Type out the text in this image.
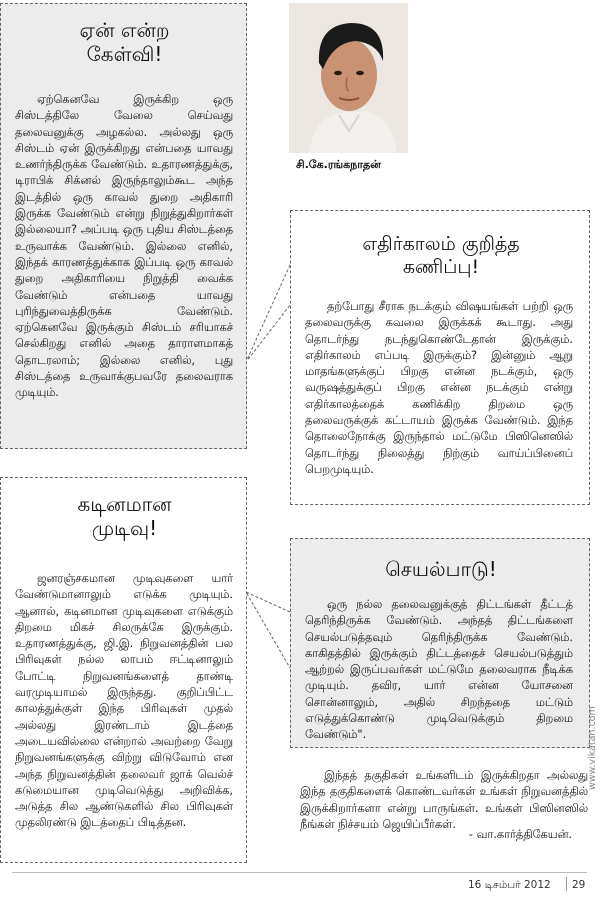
ஏன் என்ற
கேள்வி!

ஏற்கெனவே இருக்கிற ஒரு சிஸ்டத்திலே வேலை செய்வது தலைவனுக்கு அழகல்ல. அல்லது ஒரு சிஸ்டம் ஏன் இருக்கிறது என்பதை யாவது உணர்ந்திருக்க வேண்டும். உதாரணத்துக்கு, டிராபிக் சிக்னல் இருந்தாலும்கூட அந்த இடத்தில் ஒரு காவல் துறை அதிகாரி இருக்க வேண்டும் என்று நிறுத்துகிறார்கள் இல்லையா? அப்படி ஒரு புதிய சிஸ்டத்தை உருவாக்க வேண்டும். இல்லை எனில், இந்தக் காரணத்துக்காக இப்படி ஒரு காவல் துறை அதிகாரியை நிறுத்தி வைக்க வேண்டும் என்பதை யாவது புரிந்துவைத்திருக்க வேண்டும். ஏற்கெனவே இருக்கும் சிஸ்டம் சரியாகச் செல்கிறது எனில் அதை தாராளமாகத் தொடரலாம்; இல்லை எனில், புது சிஸ்டத்தை உருவாக்குபவரே தலைவராக முடியும்.

சி.கே.ரங்கநாதன்
எதிர்காலம் குறித்த
கணிப்பு!

தற்போது சீராக நடக்கும் விஷயங்கள் பற்றி ஒரு தலைவருக்கு கவலை இருக்கக் கூடாது. அது தொடர்ந்து நடந்துகொண்டேதான் இருக்கும். எதிர்காலம் எப்படி இருக்கும்? இன்னும் ஆறு மாதங்களுக்குப் பிறகு என்ன நடக்கும், ஒரு வருஷத்துக்குப் பிறகு என்ன நடக்கும் என்று எதிர்காலத்தைக் கணிக்கிற திறமை ஒரு தலைவருக்குக் கட்டாயம் இருக்க வேண்டும். இந்த தொலைநோக்கு இருந்தால் மட்டுமே பிஸினெஸில் தொடர்ந்து நிலைத்து நிற்கும் வாய்ப்பினைப் பெறமுடியும்.

கடினமான
முடிவு!

ஜனரஞ்சகமான முடிவுகளை யார் வேண்டுமானாலும் எடுக்க முடியும். ஆனால், கடினமான முடிவுகளை எடுக்கும் திறமை மிகச் சிலருக்கே இருக்கும். உதாரணத்துக்கு, ஜி.இ. நிறுவனத்தின் பல பிரிவுகள் நல்ல லாபம் ஈட்டினாலும் போட்டி நிறுவனங்களைத் தாண்டி வரமுடியாமல் இருந்தது. குறிப்பிட்ட காலத்துக்குள் இந்த பிரிவுகள் முதல் அல்லது இரண்டாம் இடத்தை அடையவில்லை என்றால் அவற்றை வேறு நிறுவனங்களுக்கு விற்று விடுவோம் என அந்த நிறுவனத்தின் தலைவர் ஜாக் வெல்ச் கடுமையான முடிவெடுத்து அறிவிக்க, அடுத்த சில ஆண்டுகளில் சில பிரிவுகள் முதலிரண்டு இடத்தைப் பிடித்தன.

செயல்பாடு!

ஒரு நல்ல தலைவனுக்குத் திட்டங்கள் தீட்டத் தெரிந்திருக்க வேண்டும். அந்தத் திட்டங்களை செயல்படுத்தவும் தெரிந்திருக்க வேண்டும். காகிதத்தில் இருக்கும் திட்டத்தைச் செயல்படுத்தும் ஆற்றல் இருப்பவர்கள் மட்டுமே தலைவராக நீடிக்க முடியும். தவிர, யார் என்ன யோசனை சொன்னாலும், அதில் சிறந்ததை மட்டும் எடுத்துக்கொண்டு முடிவெடுக்கும் திறமை வேண்டும்".

இந்தத் தகுதிகள் உங்களிடம் இருக்கிறதா அல்லது இந்த தகுதிகளைக் கொண்டவர்கள் உங்கள் நிறுவனத்தில் இருக்கிறார்களா என்று பாருங்கள். உங்கள் பிஸினஸில் நீங்கள் நிச்சயம் ஜெயிப்பீர்கள்.

- வா.கார்த்திகேயன்.
www.vikatan.com
16 டிசம்பர் 2012 29
